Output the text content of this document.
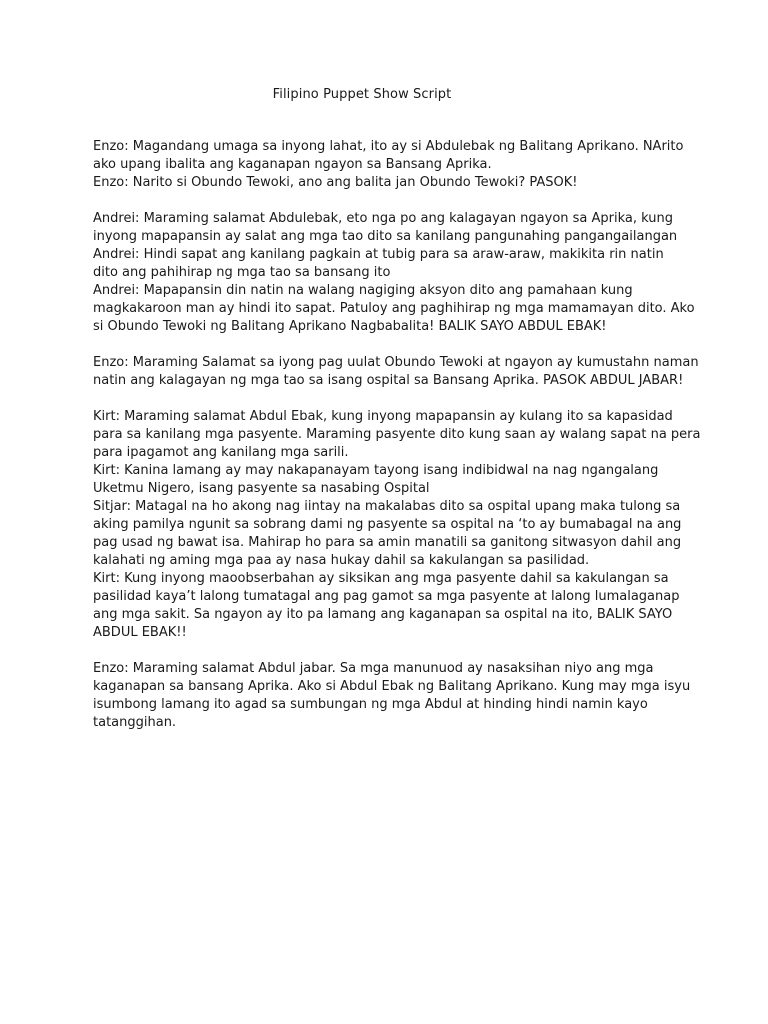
Filipino Puppet Show Script
Enzo: Magandang umaga sa inyong lahat, ito ay si Abdulebak ng Balitang Aprikano. NArito
ako upang ibalita ang kaganapan ngayon sa Bansang Aprika.
Enzo: Narito si Obundo Tewoki, ano ang balita jan Obundo Tewoki? PASOK!
Andrei: Maraming salamat Abdulebak, eto nga po ang kalagayan ngayon sa Aprika, kung
inyong mapapansin ay salat ang mga tao dito sa kanilang pangunahing pangangailangan
Andrei: Hindi sapat ang kanilang pagkain at tubig para sa araw-araw, makikita rin natin
dito ang pahihirap ng mga tao sa bansang ito
Andrei: Mapapansin din natin na walang nagiging aksyon dito ang pamahaan kung
magkakaroon man ay hindi ito sapat. Patuloy ang paghihirap ng mga mamamayan dito. Ako
si Obundo Tewoki ng Balitang Aprikano Nagbabalita! BALIK SAYO ABDUL EBAK!
Enzo: Maraming Salamat sa iyong pag uulat Obundo Tewoki at ngayon ay kumustahn naman
natin ang kalagayan ng mga tao sa isang ospital sa Bansang Aprika. PASOK ABDUL JABAR!
Kirt: Maraming salamat Abdul Ebak, kung inyong mapapansin ay kulang ito sa kapasidad
para sa kanilang mga pasyente. Maraming pasyente dito kung saan ay walang sapat na pera
para ipagamot ang kanilang mga sarili.
Kirt: Kanina lamang ay may nakapanayam tayong isang indibidwal na nag ngangalang
Uketmu Nigero, isang pasyente sa nasabing Ospital
Sitjar: Matagal na ho akong nag iintay na makalabas dito sa ospital upang maka tulong sa
aking pamilya ngunit sa sobrang dami ng pasyente sa ospital na ‘to ay bumabagal na ang
pag usad ng bawat isa. Mahirap ho para sa amin manatili sa ganitong sitwasyon dahil ang
kalahati ng aming mga paa ay nasa hukay dahil sa kakulangan sa pasilidad.
Kirt: Kung inyong maoobserbahan ay siksikan ang mga pasyente dahil sa kakulangan sa
pasilidad kaya’t lalong tumatagal ang pag gamot sa mga pasyente at lalong lumalaganap
ang mga sakit. Sa ngayon ay ito pa lamang ang kaganapan sa ospital na ito, BALIK SAYO
ABDUL EBAK!!
Enzo: Maraming salamat Abdul jabar. Sa mga manunuod ay nasaksihan niyo ang mga
kaganapan sa bansang Aprika. Ako si Abdul Ebak ng Balitang Aprikano. Kung may mga isyu
isumbong lamang ito agad sa sumbungan ng mga Abdul at hinding hindi namin kayo
tatanggihan.
